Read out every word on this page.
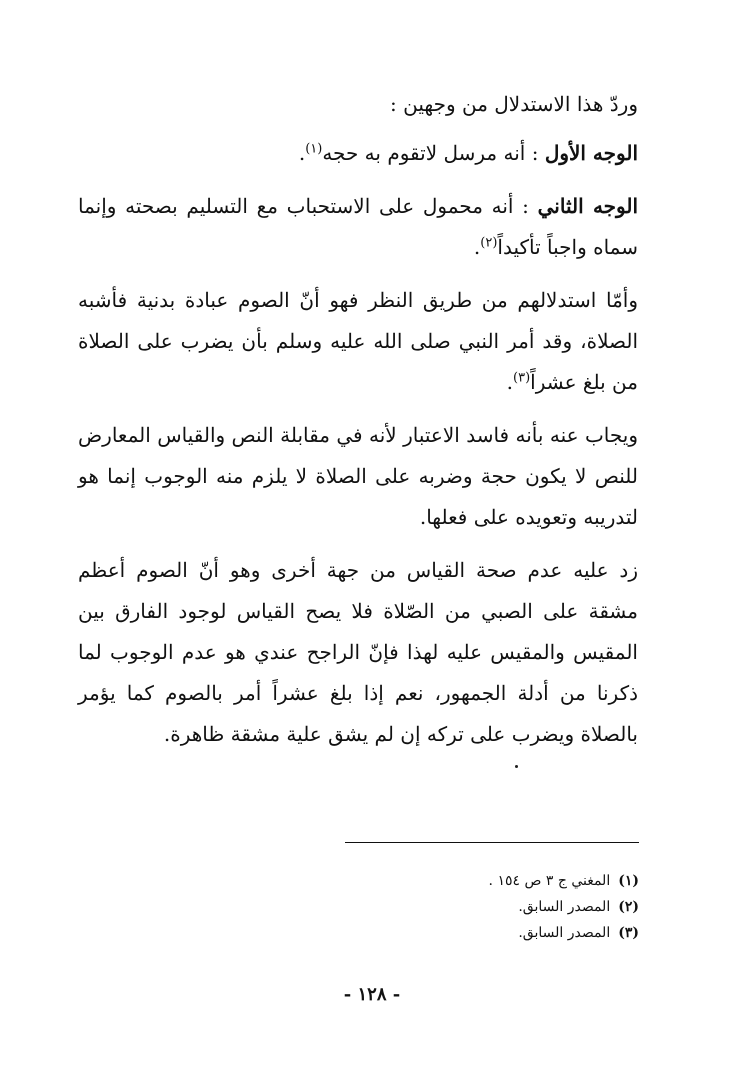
وردّ هذا الاستدلال من وجهين :

الوجه الأول : أنه مرسل لاتقوم به حجه$^{(١)}$.

الوجه الثاني : أنه محمول على الاستحباب مع التسليم بصحته وإنما سماه واجباً تأكيداً$^{(٢)}$.

وأمّا استدلالهم من طريق النظر فهو أنّ الصوم عبادة بدنية فأشبه الصلاة، وقد أمر النبي صلى الله عليه وسلم بأن يضرب على الصلاة من بلغ عشراً$^{(٣)}$.

ويجاب عنه بأنه فاسد الاعتبار لأنه في مقابلة النص والقياس المعارض للنص لا يكون حجة وضربه على الصلاة لا يلزم منه الوجوب إنما هو لتدريبه وتعويده على فعلها.

زد عليه عدم صحة القياس من جهة أخرى وهو أنّ الصوم أعظم مشقة على الصبي من الصّلاة فلا يصح القياس لوجود الفارق بين المقيس والمقيس عليه لهذا فإنّ الراجح عندي هو عدم الوجوب لما ذكرنا من أدلة الجمهور، نعم إذا بلغ عشراً أمر بالصوم كما يؤمر بالصلاة ويضرب على تركه إن لم يشق علية مشقة ظاهرة.

(١)المغني ج ٣ ص ١٥٤ .
(٢)المصدر السابق.
(٣)المصدر السابق.
- ١٢٨ -
